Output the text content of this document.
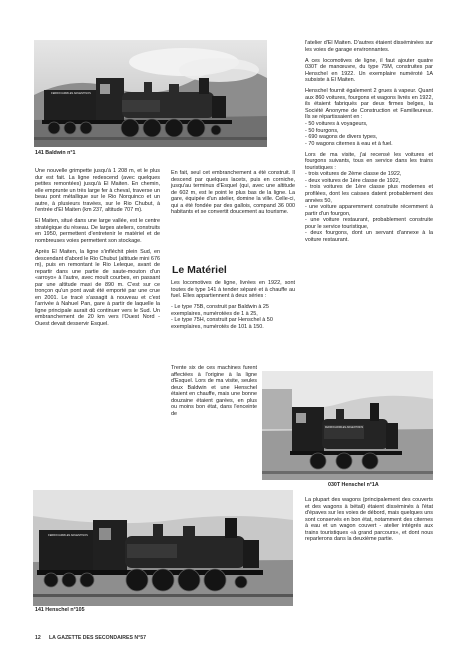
FERROCARRILES ARGENTINOS
141 Baldwin n°1

Une nouvelle grimpette jusqu'à 1 208 m, et le plus dur est fait. La ligne redescend (avec quelques petites remontées) jusqu'à El Maiten. En chemin, elle emprunte un très large fer à cheval, traverse un beau pont métallique sur le Rio Norquinco et un autre, à plusieurs travées, sur le Rio Chubut, à l'entrée d'El Maiten (km 237, altitude 707 m).

El Maiten, situé dans une large vallée, est le centre stratégique du réseau. De larges ateliers, construits en 1950, permettent d'entretenir le matériel et de nombreuses voies permettent son stockage.

Après El Maiten, la ligne s'infléchit plein Sud, en descendant d'abord le Rio Chubut (altitude mini 676 m), puis en remontant le Rio Leleque, avant de repartir dans une partie de saute-mouton d'un «arroyo» à l'autre, avec moult courbes, en passant par une altitude maxi de 890 m. C'est sur ce tronçon qu'un pont avait été emporté par une crue en 2001. Le tracé s'assagit à nouveau et c'est l'arrivée à Nahuel Pan, gare à partir de laquelle la ligne principale aurait dû continuer vers le Sud. Un embranchement de 20 km vers l'Ouest Nord - Ouest devait desservir Esquel.

En fait, seul cet embranchement a été construit. Il descend par quelques lacets, puis en corniche, jusqu'au terminus d'Esquel (qui, avec une altitude de 602 m, est le point le plus bas de la ligne. La gare, équipée d'un atelier, domine la ville. Celle-ci, qui a été fondée par des gallois, compand 36 000 habitants et se convertit doucement au tourisme.

Le Matériel

Les locomotives de ligne, livrées en 1922, sont toutes de type 141 à tender séparé et à chauffe au fuel. Elles appartiennent à deux séries :

- Le type 75B, construit par Baldwin à 25 exemplaires, numérotées de 1 à 25,
- Le type 75H, construit par Henschel à 50 exemplaires, numérotés de 101 à 150.

Trente six de ces machines furent affectées à l'origine à la ligne d'Esquel. Lors de ma visite, seules deux Baldwin et une Henschel étaient en chauffe, mais une bonne douzaine étaient garées, en plus ou moins bon état, dans l'enceinte de

l'atelier d'El Maiten. D'autres étaient disséminées sur les voies de garage environnantes.

A ces locomotives de ligne, il faut ajouter quatre 030T de manœuvre, du type 75M, construites par Henschel en 1922. Un exemplaire numéroté 1A subsiste à El Maiten.

Henschel fournit également 2 grues à vapeur. Quant aux 860 voitures, fourgons et wagons livrés en 1922, ils étaient fabriqués par deux firmes belges, la Société Anonyme de Construction et Familleureux. Ils se répartissaient en :
- 50 voitures à voyageurs,
- 50 fourgons,
- 690 wagons de divers types,
- 70 wagons citernes à eau et à fuel.

Lors de ma visite, j'ai recensé les voitures et fourgons suivants, tous en service dans les trains touristiques :
- trois voitures de 2ème classe de 1922,
- deux voitures de 1ère classe de 1922,
- trois voitures de 1ère classe plus modernes et profilées, dont les caisses datent probablement des années 50,
- une voiture apparemment construite récemment à partir d'un fourgon,
- une voiture restaurant, probablement construite pour le service touristique,
- deux fourgons, dont un servant d'annexe à la voiture restaurant.

FERROCARRILES ARGENTINOS
030T Henschel n°1A

La plupart des wagons (principalement des couverts et des wagons à bétail) étaient disséminés à l'état d'épaves sur les voies de débord, mais quelques uns sont conservés en bon état, notamment des citernes à eau et un wagon couvert - atelier intégrés aux trains touristiques «à grand parcours», et dont nous reparlerons dans la deuxième partie.

FERROCARRILES ARGENTINOS
141 Henschel n°105
12 LA GAZETTE DES SECONDAIRES N°57
